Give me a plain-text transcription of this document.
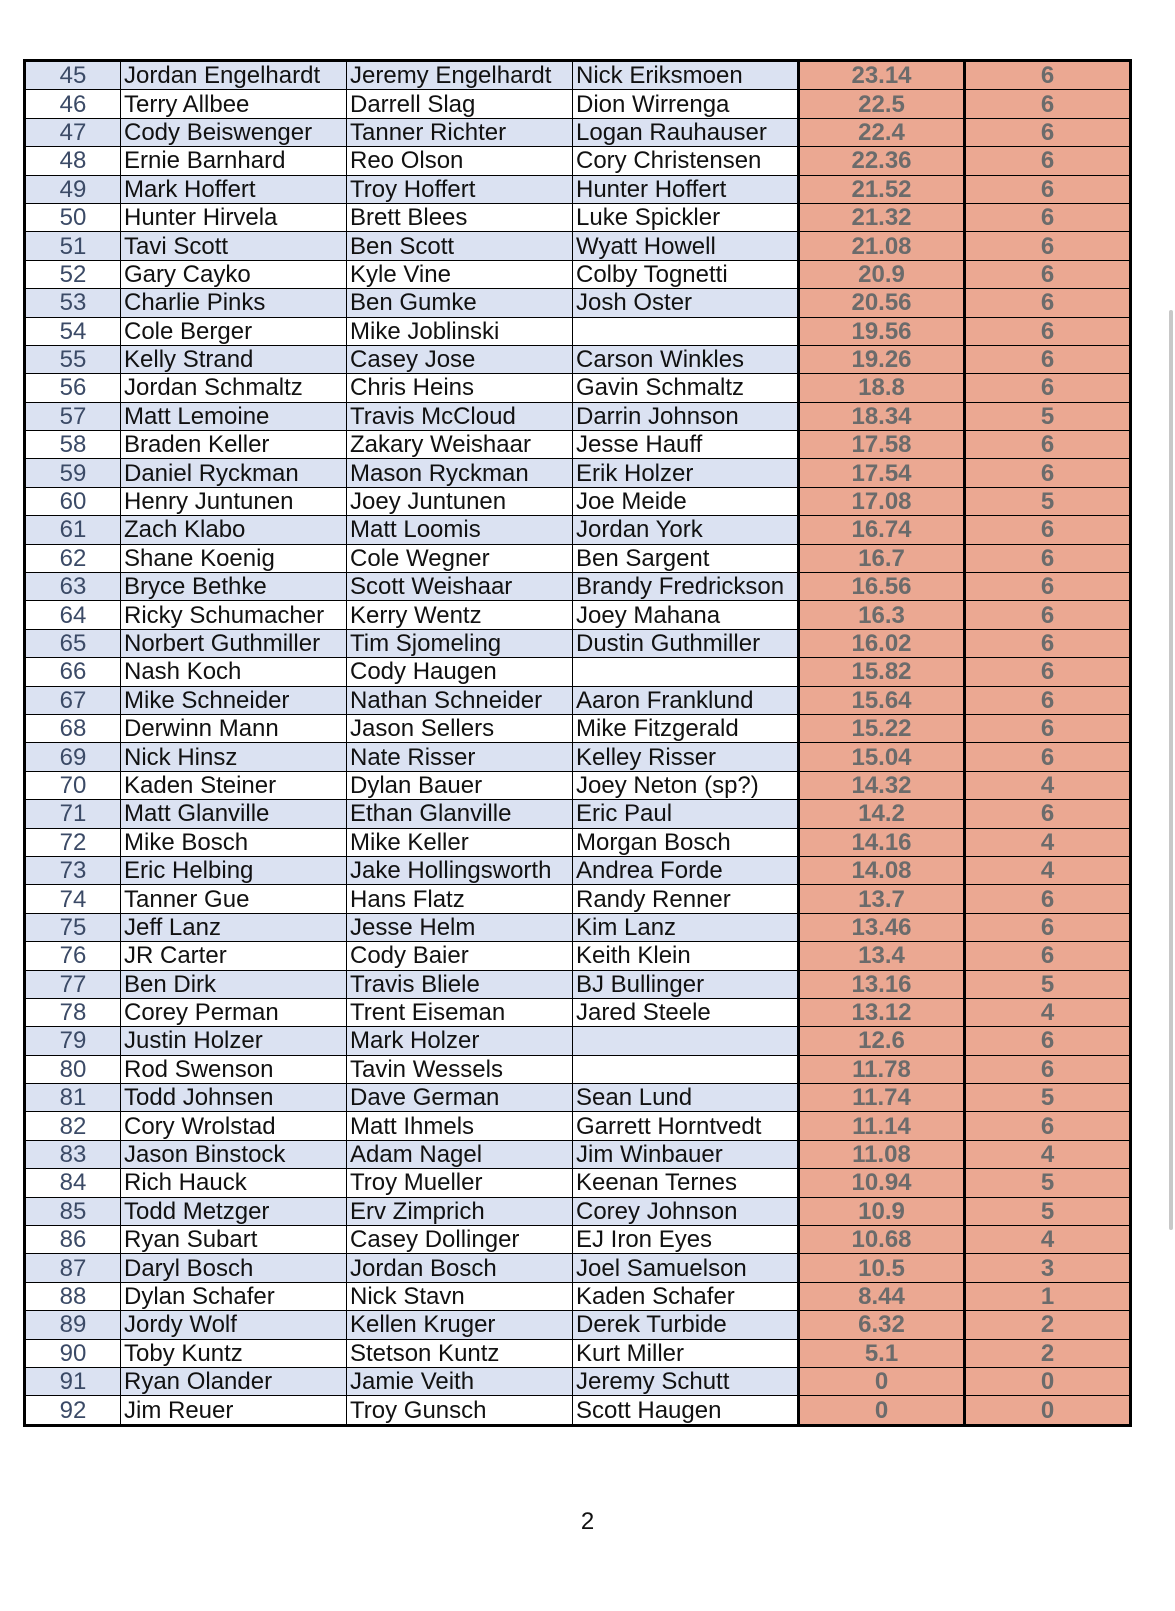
45	Jordan Engelhardt	Jeremy Engelhardt	Nick Eriksmoen	23.14	6
46	Terry Allbee	Darrell Slag	Dion Wirrenga	22.5	6
47	Cody Beiswenger	Tanner Richter	Logan Rauhauser	22.4	6
48	Ernie Barnhard	Reo Olson	Cory Christensen	22.36	6
49	Mark Hoffert	Troy Hoffert	Hunter Hoffert	21.52	6
50	Hunter Hirvela	Brett Blees	Luke Spickler	21.32	6
51	Tavi Scott	Ben Scott	Wyatt Howell	21.08	6
52	Gary Cayko	Kyle Vine	Colby Tognetti	20.9	6
53	Charlie Pinks	Ben Gumke	Josh Oster	20.56	6
54	Cole Berger	Mike Joblinski		19.56	6
55	Kelly Strand	Casey Jose	Carson Winkles	19.26	6
56	Jordan Schmaltz	Chris Heins	Gavin Schmaltz	18.8	6
57	Matt Lemoine	Travis McCloud	Darrin Johnson	18.34	5
58	Braden Keller	Zakary Weishaar	Jesse Hauff	17.58	6
59	Daniel Ryckman	Mason Ryckman	Erik Holzer	17.54	6
60	Henry Juntunen	Joey Juntunen	Joe Meide	17.08	5
61	Zach Klabo	Matt Loomis	Jordan York	16.74	6
62	Shane Koenig	Cole Wegner	Ben Sargent	16.7	6
63	Bryce Bethke	Scott Weishaar	Brandy Fredrickson	16.56	6
64	Ricky Schumacher	Kerry Wentz	Joey Mahana	16.3	6
65	Norbert Guthmiller	Tim Sjomeling	Dustin Guthmiller	16.02	6
66	Nash Koch	Cody Haugen		15.82	6
67	Mike Schneider	Nathan Schneider	Aaron Franklund	15.64	6
68	Derwinn Mann	Jason Sellers	Mike Fitzgerald	15.22	6
69	Nick Hinsz	Nate Risser	Kelley Risser	15.04	6
70	Kaden Steiner	Dylan Bauer	Joey Neton (sp?)	14.32	4
71	Matt Glanville	Ethan Glanville	Eric Paul	14.2	6
72	Mike Bosch	Mike Keller	Morgan Bosch	14.16	4
73	Eric Helbing	Jake Hollingsworth	Andrea Forde	14.08	4
74	Tanner Gue	Hans Flatz	Randy Renner	13.7	6
75	Jeff Lanz	Jesse Helm	Kim Lanz	13.46	6
76	JR Carter	Cody Baier	Keith Klein	13.4	6
77	Ben Dirk	Travis Bliele	BJ Bullinger	13.16	5
78	Corey Perman	Trent Eiseman	Jared Steele	13.12	4
79	Justin Holzer	Mark Holzer		12.6	6
80	Rod Swenson	Tavin Wessels		11.78	6
81	Todd Johnsen	Dave German	Sean Lund	11.74	5
82	Cory Wrolstad	Matt Ihmels	Garrett Horntvedt	11.14	6
83	Jason Binstock	Adam Nagel	Jim Winbauer	11.08	4
84	Rich Hauck	Troy Mueller	Keenan Ternes	10.94	5
85	Todd Metzger	Erv Zimprich	Corey Johnson	10.9	5
86	Ryan Subart	Casey Dollinger	EJ Iron Eyes	10.68	4
87	Daryl Bosch	Jordan Bosch	Joel Samuelson	10.5	3
88	Dylan Schafer	Nick Stavn	Kaden Schafer	8.44	1
89	Jordy Wolf	Kellen Kruger	Derek Turbide	6.32	2
90	Toby Kuntz	Stetson Kuntz	Kurt Miller	5.1	2
91	Ryan Olander	Jamie Veith	Jeremy Schutt	0	0
92	Jim Reuer	Troy Gunsch	Scott Haugen	0	0
2
